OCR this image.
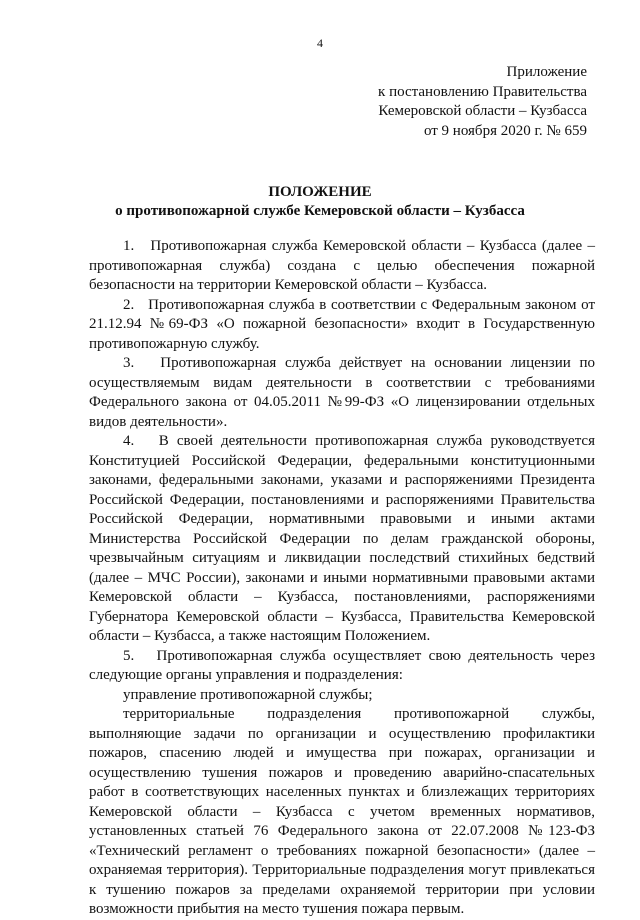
4
Приложение
к постановлению Правительства
Кемеровской области – Кузбасса
от 9 ноября 2020 г. № 659
ПОЛОЖЕНИЕ
о противопожарной службе Кемеровской области – Кузбасса

1.   Противопожарная служба Кемеровской области – Кузбасса (далее – противопожарная служба) создана с целью обеспечения пожарной безопасности на территории Кемеровской области – Кузбасса.

2.   Противопожарная служба в соответствии с Федеральным законом от 21.12.94 №69-ФЗ «О пожарной безопасности» входит в Государственную противопожарную службу.

3.   Противопожарная служба действует на основании лицензии по осуществляемым видам деятельности в соответствии с требованиями Федерального закона от 04.05.2011 №99-ФЗ «О лицензировании отдельных видов деятельности».

4.   В своей деятельности противопожарная служба руководствуется Конституцией Российской Федерации, федеральными конституционными законами, федеральными законами, указами и распоряжениями Президента Российской Федерации, постановлениями и распоряжениями Правительства Российской Федерации, нормативными правовыми и иными актами Министерства Российской Федерации по делам гражданской обороны, чрезвычайным ситуациям и ликвидации последствий стихийных бедствий (далее – МЧС России), законами и иными нормативными правовыми актами Кемеровской области – Кузбасса, постановлениями, распоряжениями Губернатора Кемеровской области – Кузбасса, Правительства Кемеровской области – Кузбасса, а также настоящим Положением.

5.   Противопожарная служба осуществляет свою деятельность через следующие органы управления и подразделения:

управление противопожарной службы;

территориальные подразделения противопожарной службы, выполняющие задачи по организации и осуществлению профилактики пожаров, спасению людей и имущества при пожарах, организации и осуществлению тушения пожаров и проведению аварийно-спасательных работ в соответствующих населенных пунктах и близлежащих территориях Кемеровской области – Кузбасса с учетом временных нормативов, установленных статьей 76 Федерального закона от 22.07.2008 №123-ФЗ «Технический регламент о требованиях пожарной безопасности» (далее – охраняемая территория). Территориальные подразделения могут привлекаться к тушению пожаров за пределами охраняемой территории при условии возможности прибытия на место тушения пожара первым.
